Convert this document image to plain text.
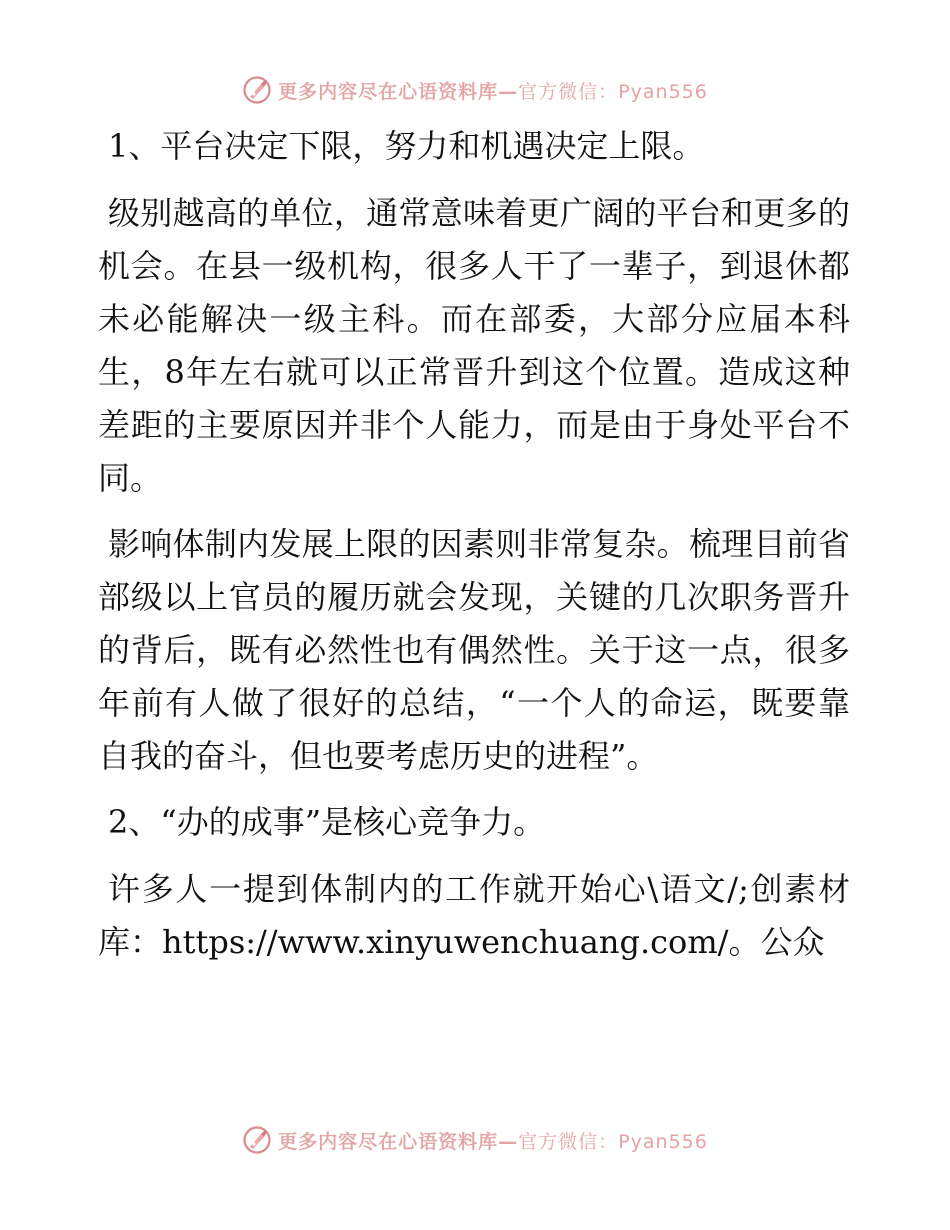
更多内容尽在心语资料库—官方微信：Pyan556

1、平台决定下限，努力和机遇决定上限。

级别越高的单位，通常意味着更广阔的平台和更多的机会。在县一级机构，很多人干了一辈子，到退休都未必能解决一级主科。而在部委，大部分应届本科生，8年左右就可以正常晋升到这个位置。造成这种差距的主要原因并非个人能力，而是由于身处平台不同。

影响体制内发展上限的因素则非常复杂。梳理目前省部级以上官员的履历就会发现，关键的几次职务晋升的背后，既有必然性也有偶然性。关于这一点，很多年前有人做了很好的总结，“一个人的命运，既要靠自我的奋斗，但也要考虑历史的进程”。

2、“办的成事”是核心竞争力。

许多人一提到体制内的工作就开始心\语文/;创素材库：https://www.xinyuwenchuang.com/。公众

更多内容尽在心语资料库—官方微信：Pyan556
